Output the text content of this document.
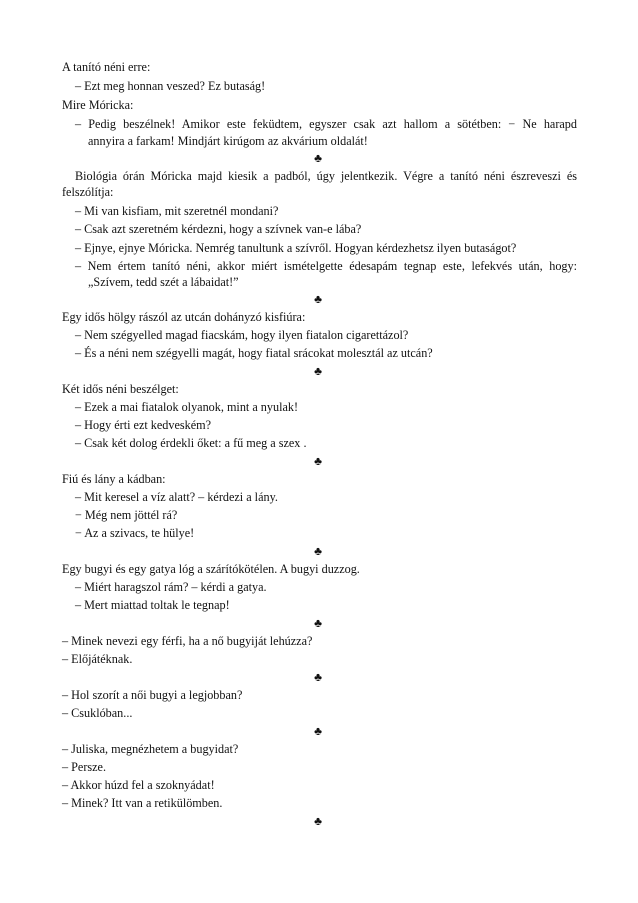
A tanító néni erre:
– Ezt meg honnan veszed? Ez butaság!
Mire Móricka:
– Pedig beszélnek! Amikor este feküdtem, egyszer csak azt hallom a sötétben: − Ne harapd
annyira a farkam! Mindjárt kirúgom az akvárium oldalát!
♣
Biológia órán Móricka majd kiesik a padból, úgy jelentkezik. Végre a tanító néni észreveszi és
felszólítja:
– Mi van kisfiam, mit szeretnél mondani?
– Csak azt szeretném kérdezni, hogy a szívnek van-e lába?
– Ejnye, ejnye Móricka. Nemrég tanultunk a szívről. Hogyan kérdezhetsz ilyen butaságot?
– Nem értem tanító néni, akkor miért ismételgette édesapám tegnap este, lefekvés után, hogy:
„Szívem, tedd szét a lábaidat!”
♣
Egy idős hölgy rászól az utcán dohányzó kisfiúra:
– Nem szégyelled magad fiacskám, hogy ilyen fiatalon cigarettázol?
– És a néni nem szégyelli magát, hogy fiatal srácokat molesztál az utcán?
♣
Két idős néni beszélget:
– Ezek a mai fiatalok olyanok, mint a nyulak!
– Hogy érti ezt kedveském?
– Csak két dolog érdekli őket: a fű meg a szex .
♣
Fiú és lány a kádban:
– Mit keresel a víz alatt? – kérdezi a lány.
− Még nem jöttél rá?
− Az a szivacs, te hülye!
♣
Egy bugyi és egy gatya lóg a szárítókötélen. A bugyi duzzog.
– Miért haragszol rám? – kérdi a gatya.
– Mert miattad toltak le tegnap!
♣
– Minek nevezi egy férfi, ha a nő bugyiját lehúzza?
– Előjátéknak.
♣
– Hol szorít a női bugyi a legjobban?
– Csuklóban...
♣
– Juliska, megnézhetem a bugyidat?
– Persze.
– Akkor húzd fel a szoknyádat!
– Minek? Itt van a retikülömben.
♣
